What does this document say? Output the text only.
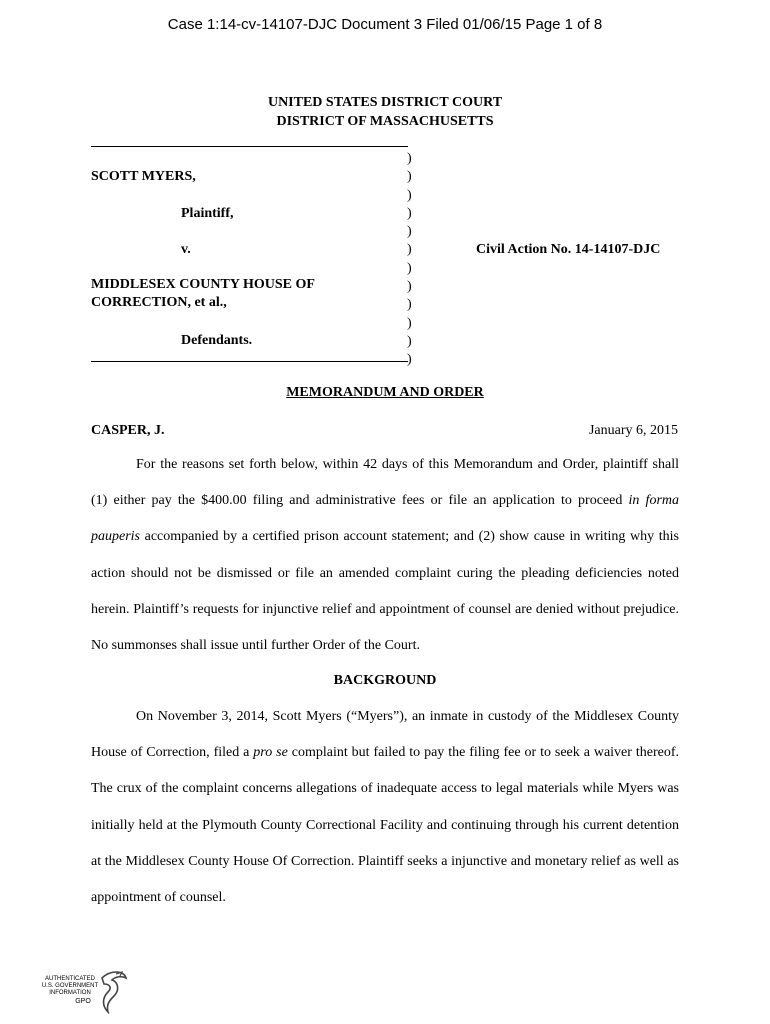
Case 1:14-cv-14107-DJC Document 3 Filed 01/06/15 Page 1 of 8
UNITED STATES DISTRICT COURT
DISTRICT OF MASSACHUSETTS
)
)
)
)
)
)
)
)
)
)
)
)
SCOTT MYERS,
Plaintiff,
v.
MIDDLESEX COUNTY HOUSE OF
CORRECTION, et al.,
Defendants.
Civil Action No. 14-14107-DJC
MEMORANDUM AND ORDER
CASPER, J.	January 6, 2015

For the reasons set forth below, within 42 days of this Memorandum and Order, plaintiff shall (1) either pay the $400.00 filing and administrative fees or file an application to proceed in forma pauperis accompanied by a certified prison account statement; and (2) show cause in writing why this action should not be dismissed or file an amended complaint curing the pleading deficiencies noted herein. Plaintiff’s requests for injunctive relief and appointment of counsel are denied without prejudice. No summonses shall issue until further Order of the Court.

BACKGROUND

On November 3, 2014, Scott Myers (“Myers”), an inmate in custody of the Middlesex County House of Correction, filed a pro se complaint but failed to pay the filing fee or to seek a waiver thereof. The crux of the complaint concerns allegations of inadequate access to legal materials while Myers was initially held at the Plymouth County Correctional Facility and continuing through his current detention at the Middlesex County House Of Correction. Plaintiff seeks a injunctive and monetary relief as well as appointment of counsel.

AUTHENTICATED
U.S. GOVERNMENT
INFORMATION
GPO
